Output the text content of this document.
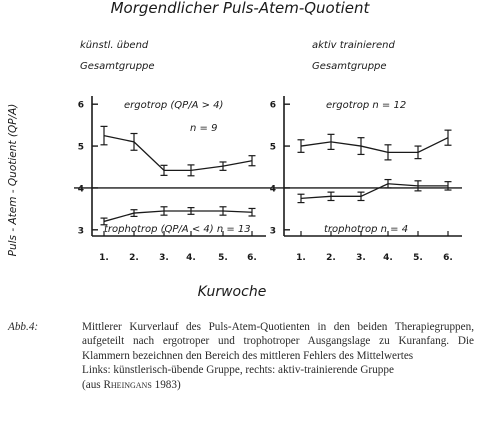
Morgendlicher Puls-Atem-Quotient
Puls - Atem - Quotient (QP/A)
künstl. übend
Gesamtgruppe
3
4
5
6
1. 2. 3. 4. 5. 6.
ergotrop (QP/A > 4)
n = 9
trophotrop (QP/A < 4) n = 13
aktiv trainierend
Gesamtgruppe
3
4
5
6
1. 2. 3. 4. 5. 6.
ergotrop n = 12
trophotrop n = 4
Kurwoche
Abb.4:	Mittlerer Kurverlauf des Puls-Atem-Quotienten in den beiden Therapiegruppen, aufgeteilt nach ergotroper und trophotroper Ausgangslage zu Kuranfang. Die Klammern bezeichnen den Bereich des mittleren Fehlers des Mittelwertes

Links: künstlerisch-übende Gruppe, rechts: aktiv-trainierende Gruppe

(aus Rheingans 1983)
